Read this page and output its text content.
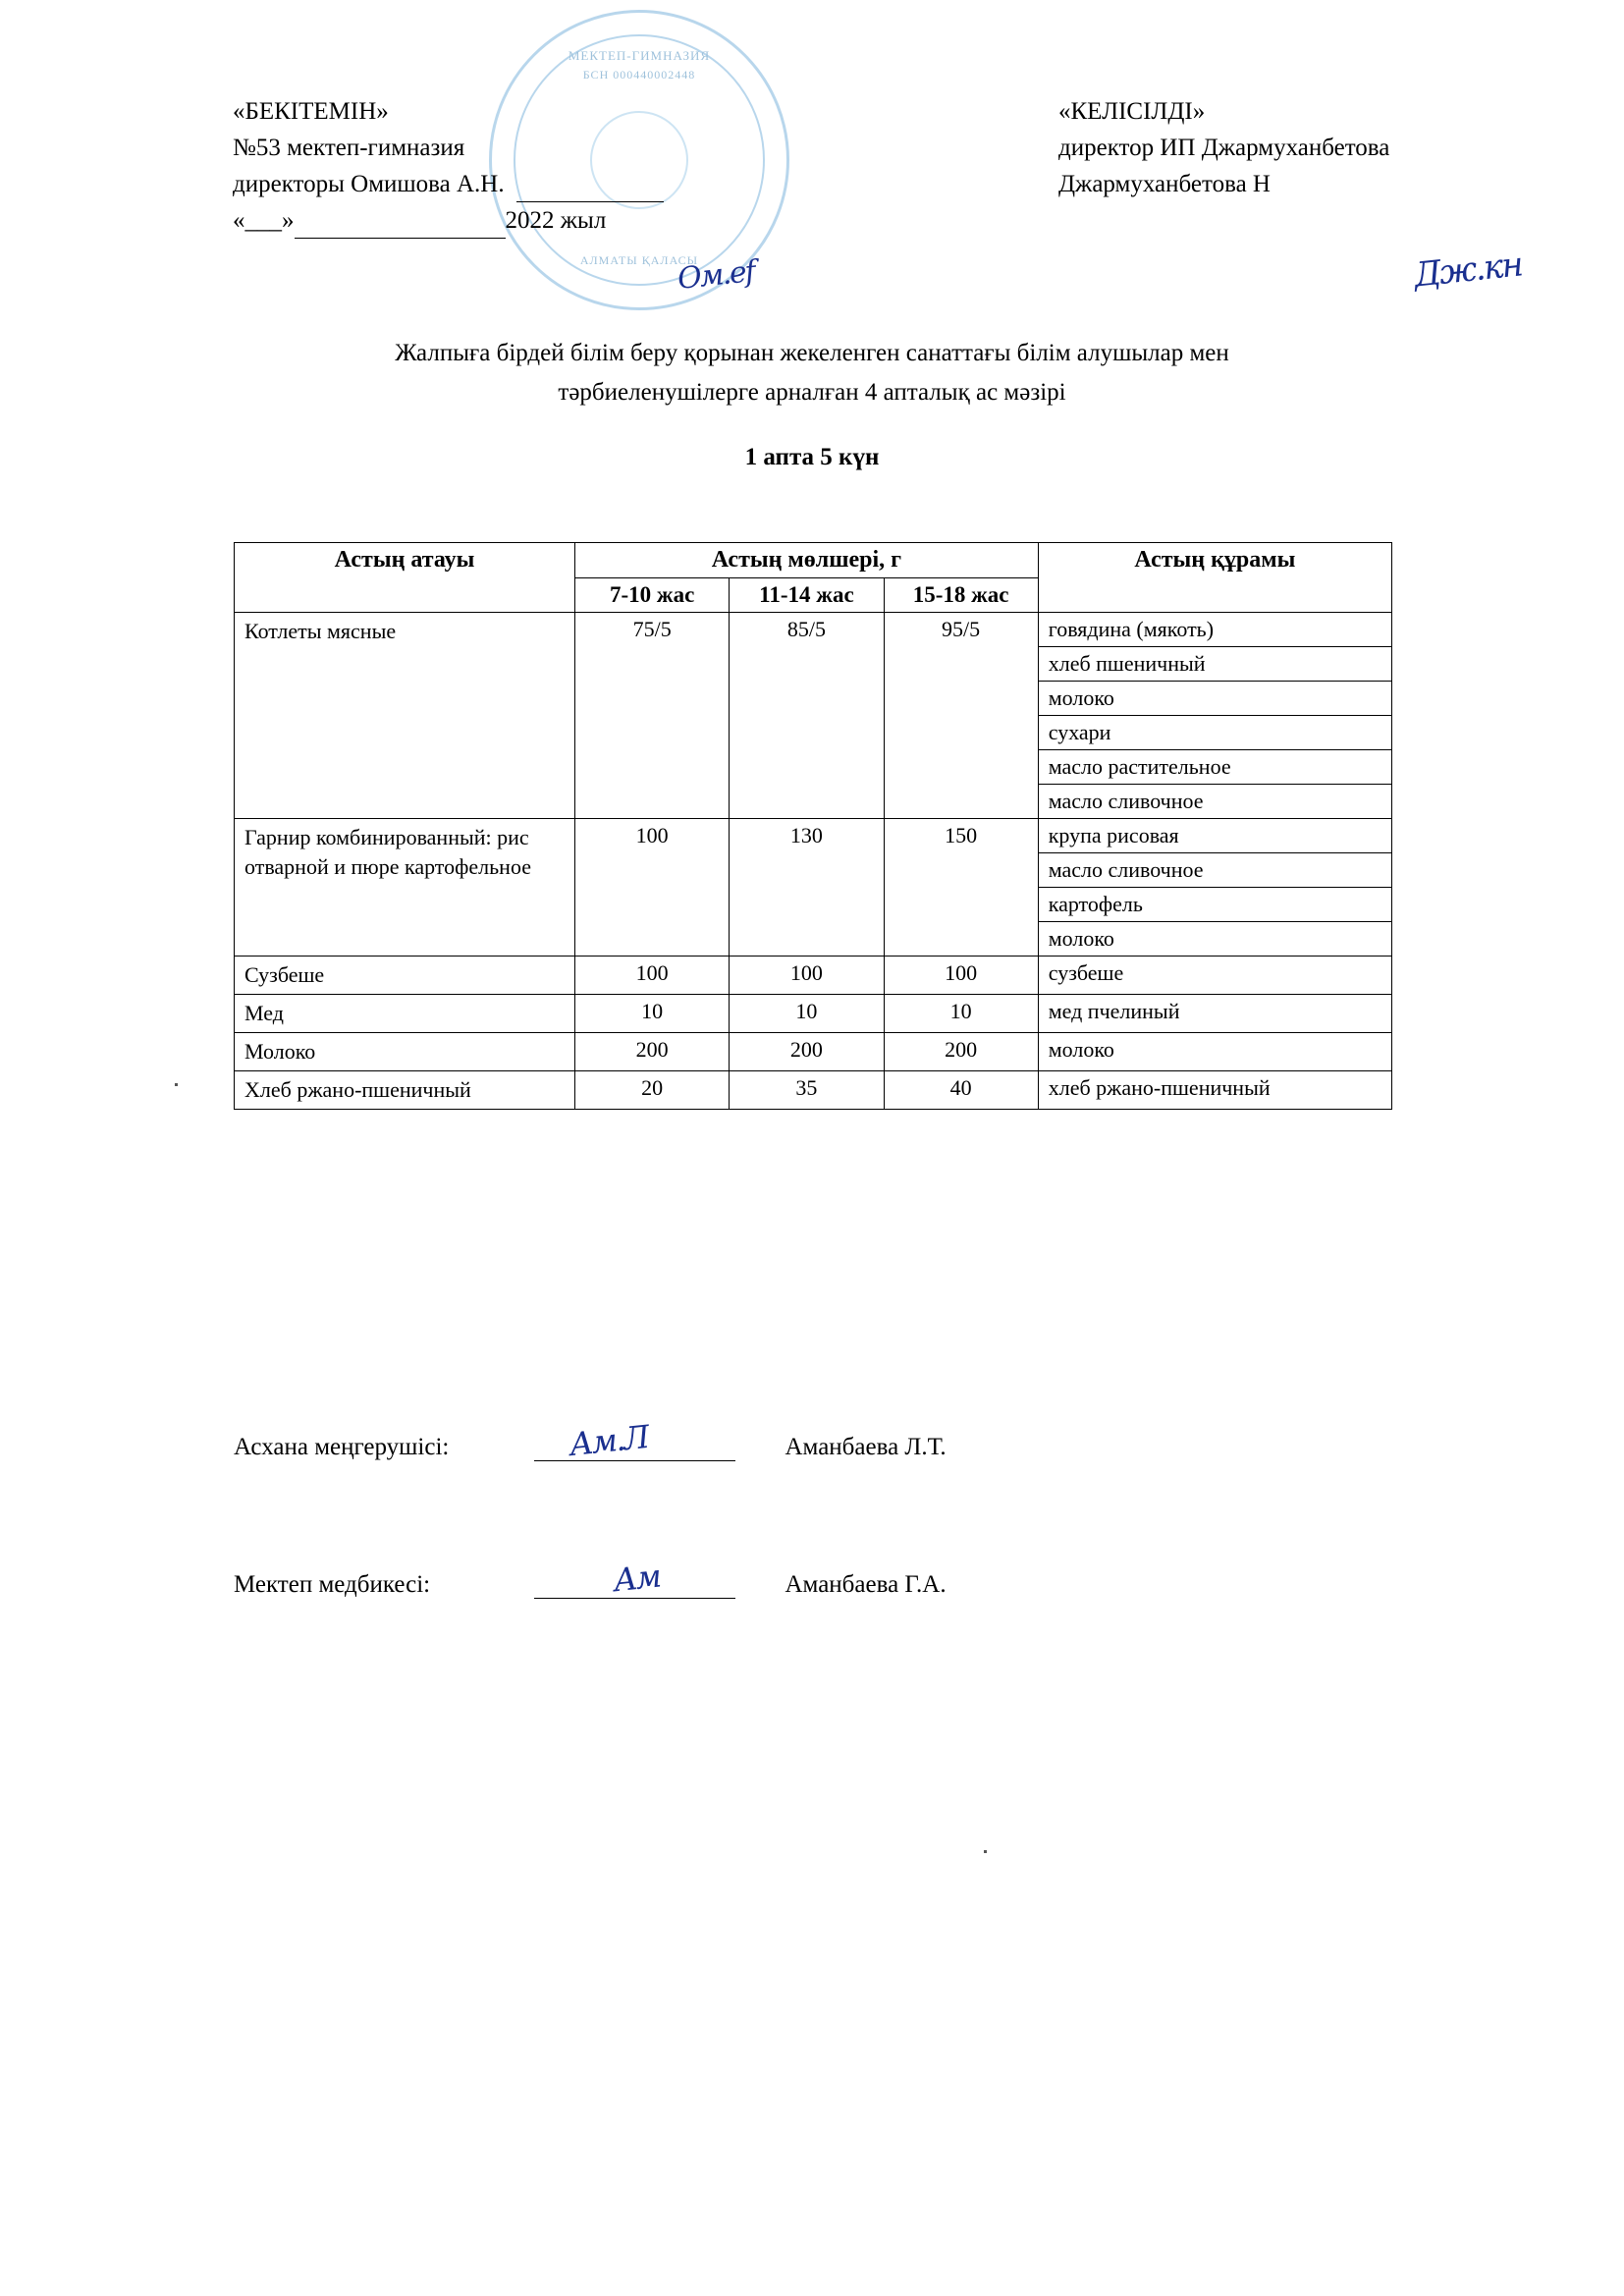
МЕКТЕП-ГИМНАЗИЯ
БСН 000440002448
АЛМАТЫ ҚАЛАСЫ
«БЕКІТЕМІН»
№53 мектеп-гимназия
директоры Омишова А.Н.
«___»	2022 жыл
Ом.ef
«КЕЛІСІЛДІ»
директор ИП Джармуханбетова
Джармуханбетова Н
Дж.кн
Жалпыға бірдей білім беру қорынан жекеленген санаттағы білім алушылар мен
тәрбиеленушілерге арналған 4 апталық ас мәзірі
1 апта 5 күн
Астың атауы	Астың мөлшері, г			Астың құрамы
	7-10 жас	11-14 жас	15-18 жас	
Котлеты мясные	75/5	85/5	95/5	говядина (мякоть)
				хлеб пшеничный
				молоко
				сухари
				масло растительное
				масло сливочное
Гарнир комбинированный: рис отварной и пюре картофельное	100	130	150	крупа рисовая
				масло сливочное
				картофель
				молоко
Сузбеше	100	100	100	сузбеше
Мед	10	10	10	мед пчелиный
Молоко	200	200	200	молоко
Хлеб ржано-пшеничный	20	35	40	хлеб ржано-пшеничный
Асхана меңгерушісі:	Аманбаева Л.Т.
Ам.Л
Мектеп медбикесі:	Аманбаева Г.А.
Ам
